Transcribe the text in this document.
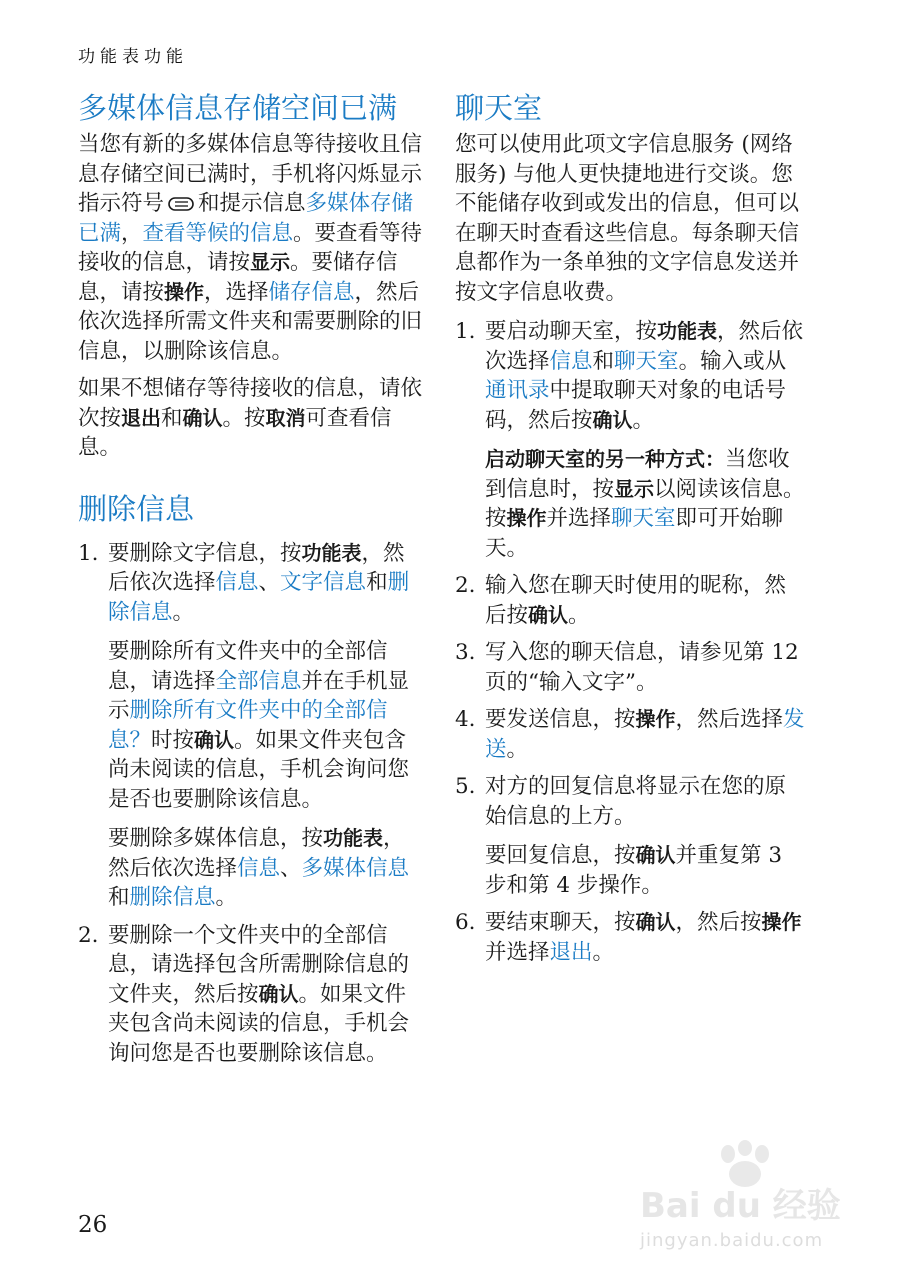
功能表功能
多媒体信息存储空间已满

当您有新的多媒体信息等待接收且信息存储空间已满时，手机将闪烁显示指示符号 和提示信息多媒体存储已满，查看等候的信息。要查看等待接收的信息，请按显示。要储存信息，请按操作，选择储存信息，然后依次选择所需文件夹和需要删除的旧信息，以删除该信息。

如果不想储存等待接收的信息，请依次按退出和确认。按取消可查看信息。

删除信息
1. 要删除文字信息，按功能表，然后依次选择信息、文字信息和删除信息。

要删除所有文件夹中的全部信息，请选择全部信息并在手机显示删除所有文件夹中的全部信息？时按确认。如果文件夹包含尚未阅读的信息，手机会询问您是否也要删除该信息。

要删除多媒体信息，按功能表，然后依次选择信息、多媒体信息和删除信息。

2. 要删除一个文件夹中的全部信息，请选择包含所需删除信息的文件夹，然后按确认。如果文件夹包含尚未阅读的信息，手机会询问您是否也要删除该信息。

聊天室

您可以使用此项文字信息服务 (网络服务) 与他人更快捷地进行交谈。您不能储存收到或发出的信息，但可以在聊天时查看这些信息。每条聊天信息都作为一条单独的文字信息发送并按文字信息收费。

1. 要启动聊天室，按功能表，然后依次选择信息和聊天室。输入或从通讯录中提取聊天对象的电话号码，然后按确认。

启动聊天室的另一种方式：当您收到信息时，按显示以阅读该信息。按操作并选择聊天室即可开始聊天。

2. 输入您在聊天时使用的昵称，然后按确认。

3. 写入您的聊天信息，请参见第 12 页的“输入文字”。

4. 要发送信息，按操作，然后选择发送。

5. 对方的回复信息将显示在您的原始信息的上方。

要回复信息，按确认并重复第 3 步和第 4 步操作。

6. 要结束聊天，按确认，然后按操作并选择退出。

26	Bai du 经验
jingyan.baidu.com
